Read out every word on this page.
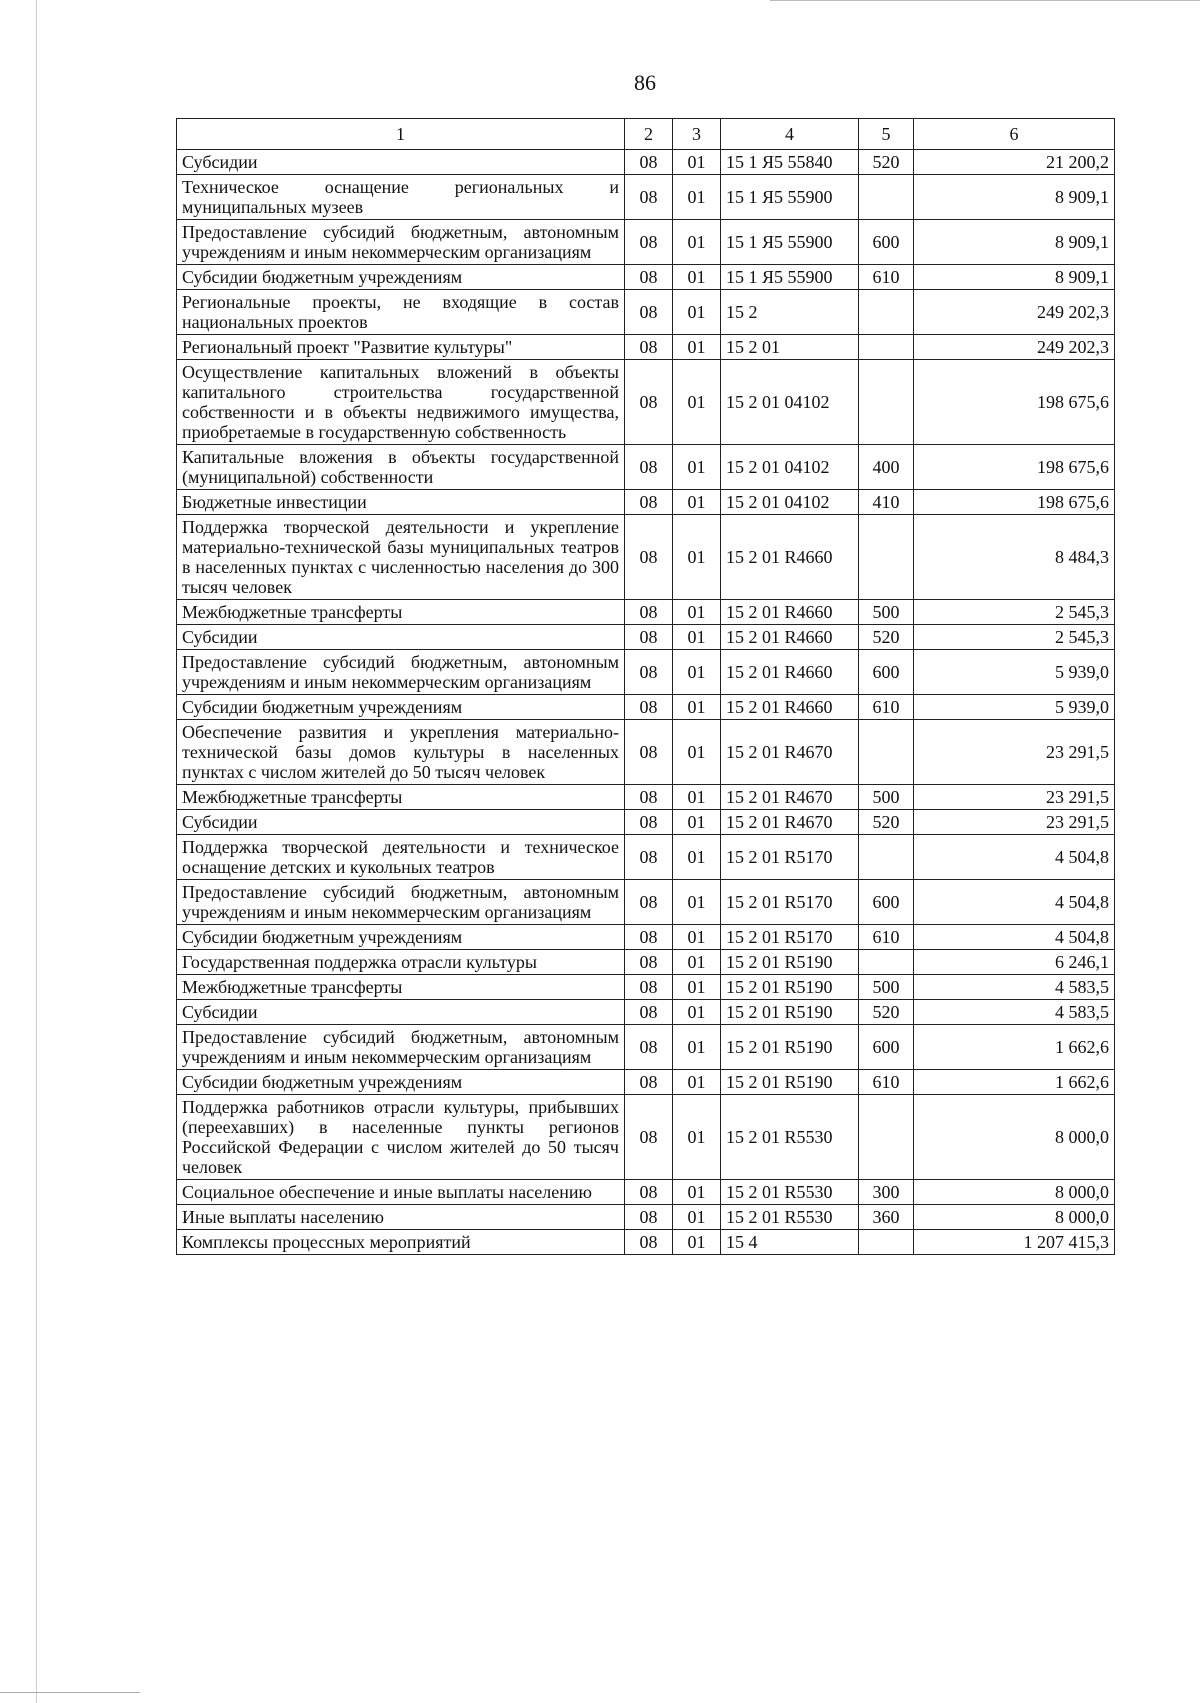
86
1	2	3	4	5	6
Субсидии	08	01	15 1 Я5 55840	520	21 200,2
Техническое оснащение региональных и муниципальных музеев	08	01	15 1 Я5 55900		8 909,1
Предоставление субсидий бюджетным, автономным учреждениям и иным некоммерческим организациям	08	01	15 1 Я5 55900	600	8 909,1
Субсидии бюджетным учреждениям	08	01	15 1 Я5 55900	610	8 909,1
Региональные проекты, не входящие в состав национальных проектов	08	01	15 2		249 202,3
Региональный проект "Развитие культуры"	08	01	15 2 01		249 202,3
Осуществление капитальных вложений в объекты капитального строительства государственной собственности и в объекты недвижимого имущества, приобретаемые в государственную собственность	08	01	15 2 01 04102		198 675,6
Капитальные вложения в объекты государственной (муниципальной) собственности	08	01	15 2 01 04102	400	198 675,6
Бюджетные инвестиции	08	01	15 2 01 04102	410	198 675,6
Поддержка творческой деятельности и укрепление материально-технической базы муниципальных театров в населенных пунктах с численностью населения до 300 тысяч человек	08	01	15 2 01 R4660		8 484,3
Межбюджетные трансферты	08	01	15 2 01 R4660	500	2 545,3
Субсидии	08	01	15 2 01 R4660	520	2 545,3
Предоставление субсидий бюджетным, автономным учреждениям и иным некоммерческим организациям	08	01	15 2 01 R4660	600	5 939,0
Субсидии бюджетным учреждениям	08	01	15 2 01 R4660	610	5 939,0
Обеспечение развития и укрепления материально-технической базы домов культуры в населенных пунктах с числом жителей до 50 тысяч человек	08	01	15 2 01 R4670		23 291,5
Межбюджетные трансферты	08	01	15 2 01 R4670	500	23 291,5
Субсидии	08	01	15 2 01 R4670	520	23 291,5
Поддержка творческой деятельности и техническое оснащение детских и кукольных театров	08	01	15 2 01 R5170		4 504,8
Предоставление субсидий бюджетным, автономным учреждениям и иным некоммерческим организациям	08	01	15 2 01 R5170	600	4 504,8
Субсидии бюджетным учреждениям	08	01	15 2 01 R5170	610	4 504,8
Государственная поддержка отрасли культуры	08	01	15 2 01 R5190		6 246,1
Межбюджетные трансферты	08	01	15 2 01 R5190	500	4 583,5
Субсидии	08	01	15 2 01 R5190	520	4 583,5
Предоставление субсидий бюджетным, автономным учреждениям и иным некоммерческим организациям	08	01	15 2 01 R5190	600	1 662,6
Субсидии бюджетным учреждениям	08	01	15 2 01 R5190	610	1 662,6
Поддержка работников отрасли культуры, прибывших (переехавших) в населенные пункты регионов Российской Федерации с числом жителей до 50 тысяч человек	08	01	15 2 01 R5530		8 000,0
Социальное обеспечение и иные выплаты населению	08	01	15 2 01 R5530	300	8 000,0
Иные выплаты населению	08	01	15 2 01 R5530	360	8 000,0
Комплексы процессных мероприятий	08	01	15 4		1 207 415,3
